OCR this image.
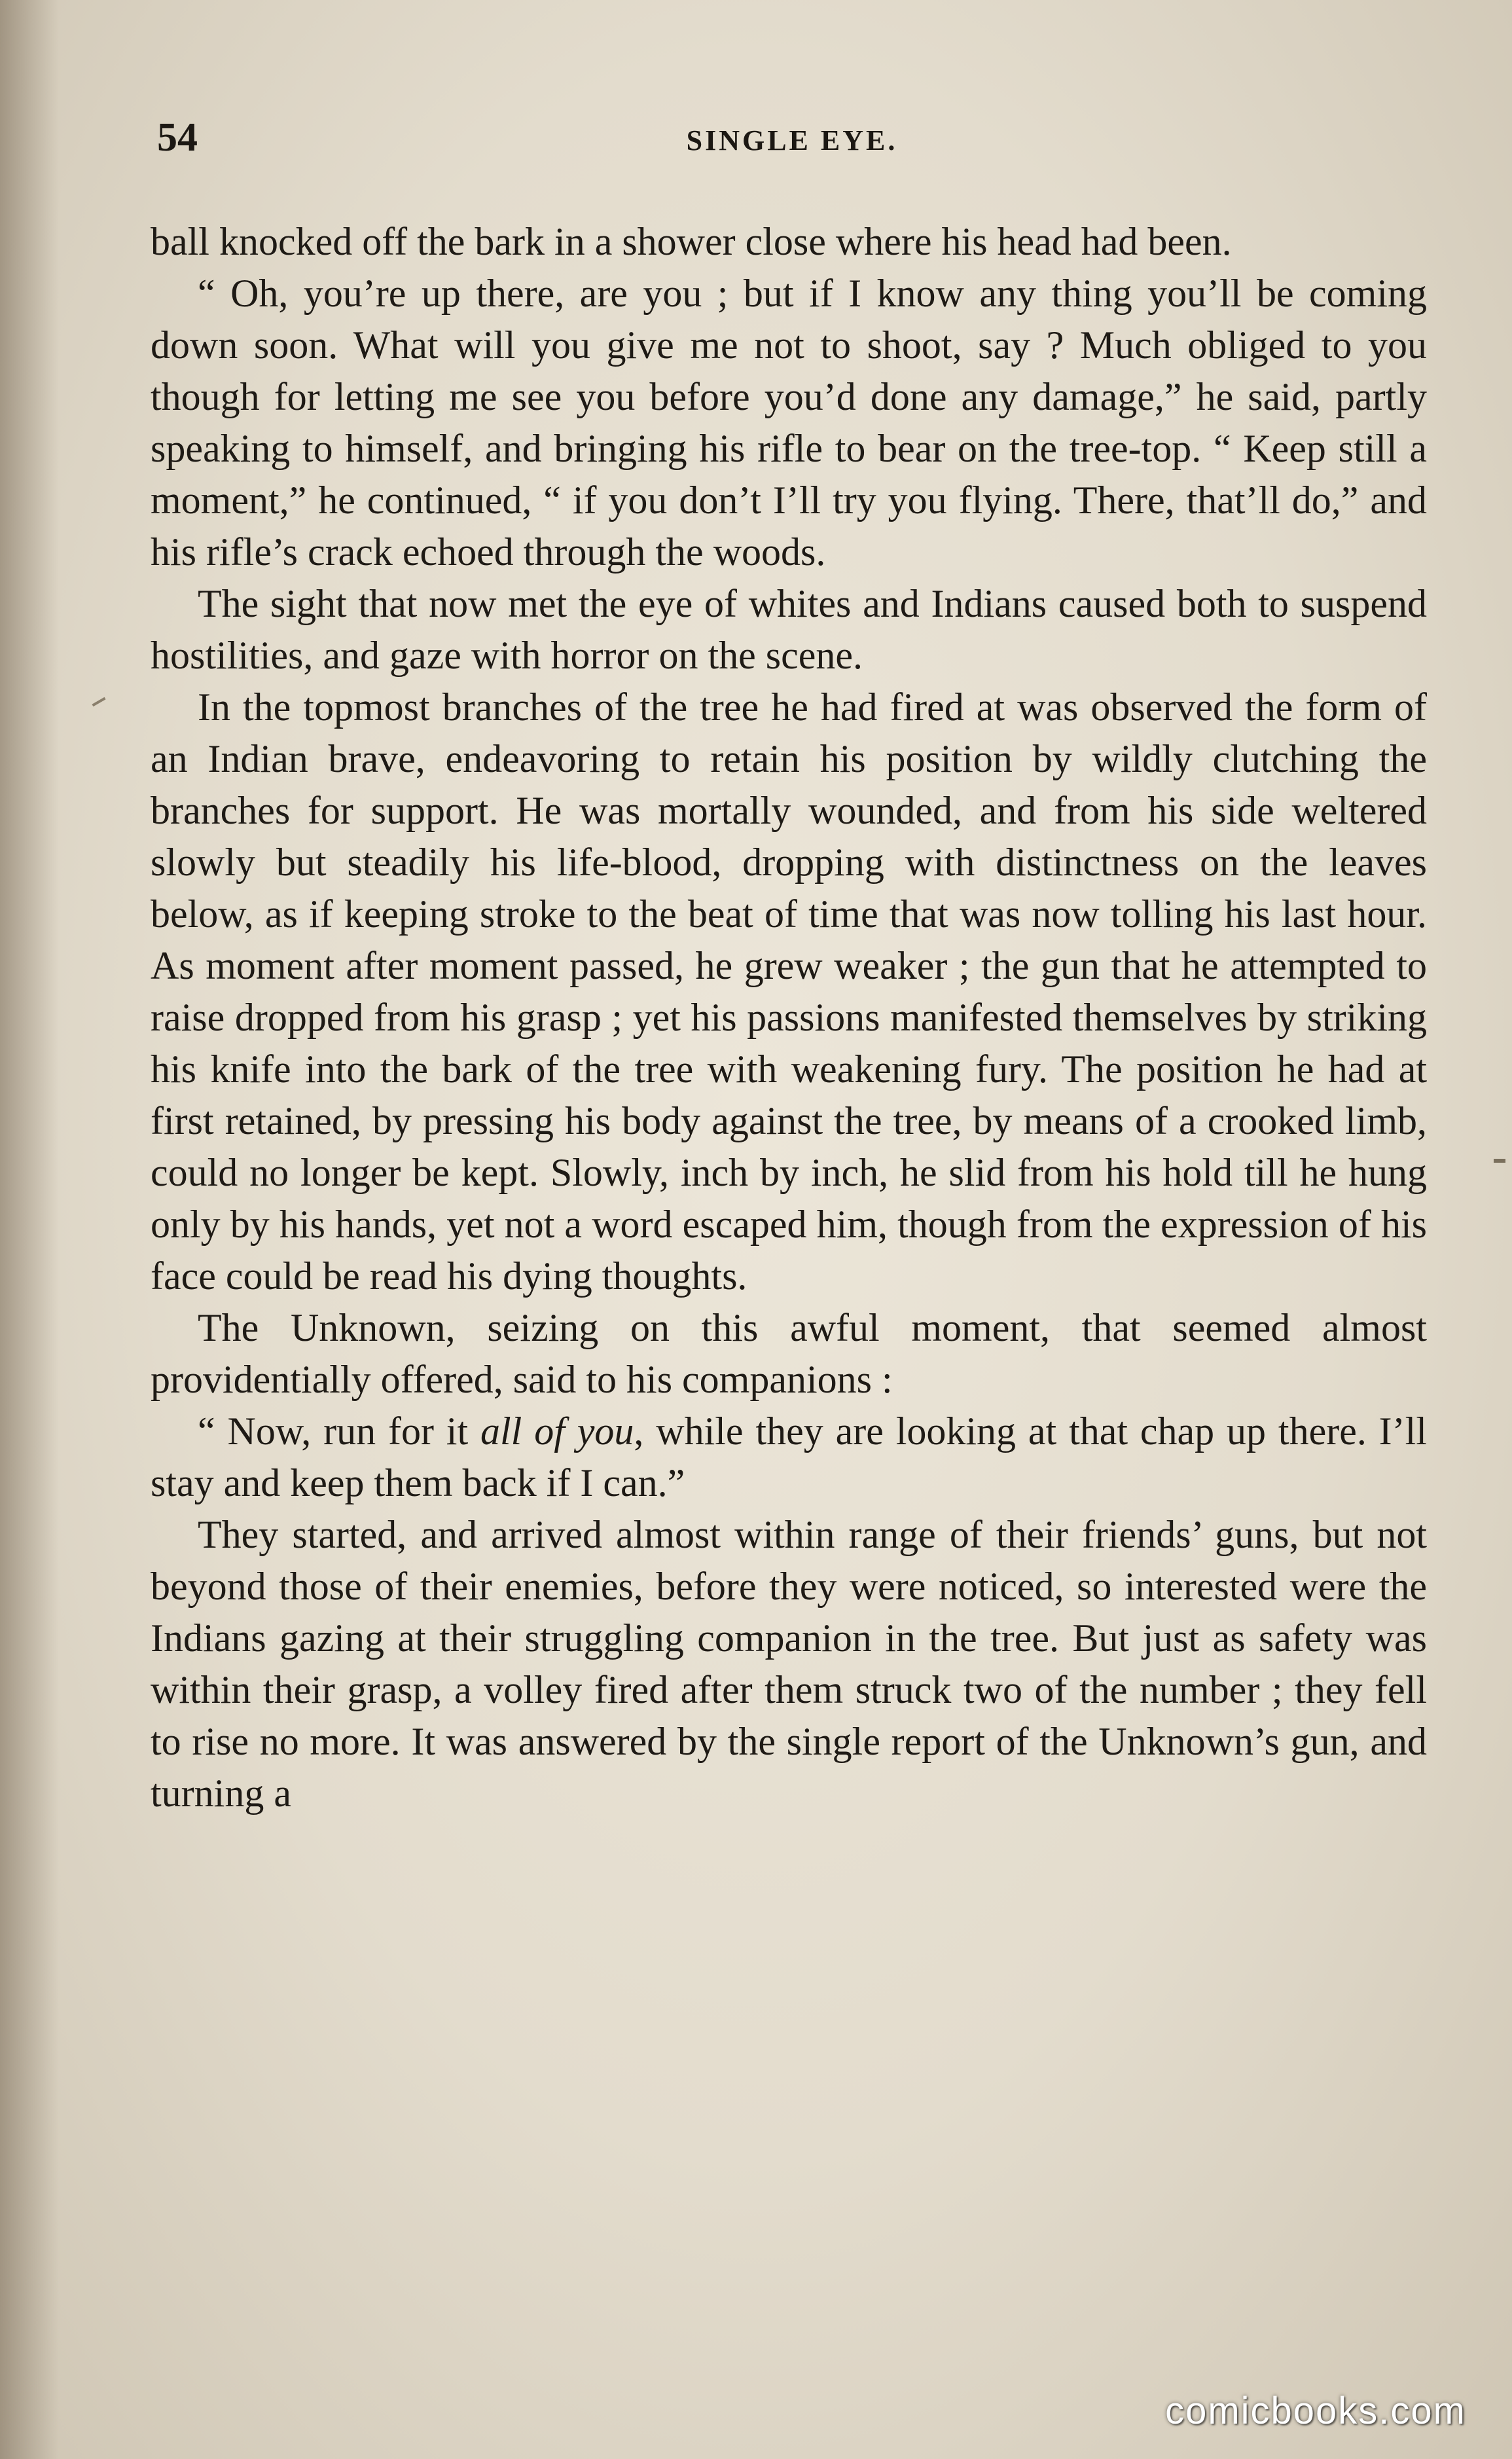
54	SINGLE EYE.

ball knocked off the bark in a shower close where his head had been.

“ Oh, you’re up there, are you ; but if I know any thing you’ll be coming down soon. What will you give me not to shoot, say ? Much obliged to you though for letting me see you before you’d done any damage,” he said, partly speaking to himself, and bringing his rifle to bear on the tree-top. “ Keep still a moment,” he continued, “ if you don’t I’ll try you flying. There, that’ll do,” and his rifle’s crack echoed through the woods.

The sight that now met the eye of whites and Indians caused both to suspend hostilities, and gaze with horror on the scene.

In the topmost branches of the tree he had fired at was observed the form of an Indian brave, endeavoring to retain his position by wildly clutching the branches for support. He was mortally wounded, and from his side weltered slowly but steadily his life-blood, dropping with distinctness on the leaves below, as if keeping stroke to the beat of time that was now tolling his last hour. As moment after moment passed, he grew weaker ; the gun that he attempted to raise dropped from his grasp ; yet his passions manifested themselves by striking his knife into the bark of the tree with weakening fury. The position he had at first retained, by pressing his body against the tree, by means of a crooked limb, could no longer be kept. Slowly, inch by inch, he slid from his hold till he hung only by his hands, yet not a word escaped him, though from the expression of his face could be read his dying thoughts.

The Unknown, seizing on this awful moment, that seemed almost providentially offered, said to his companions :

“ Now, run for it all of you, while they are looking at that chap up there. I’ll stay and keep them back if I can.”

They started, and arrived almost within range of their friends’ guns, but not beyond those of their enemies, before they were noticed, so interested were the Indians gazing at their struggling companion in the tree. But just as safety was within their grasp, a volley fired after them struck two of the number ; they fell to rise no more. It was answered by the single report of the Unknown’s gun, and turning a

comicbooks.com
